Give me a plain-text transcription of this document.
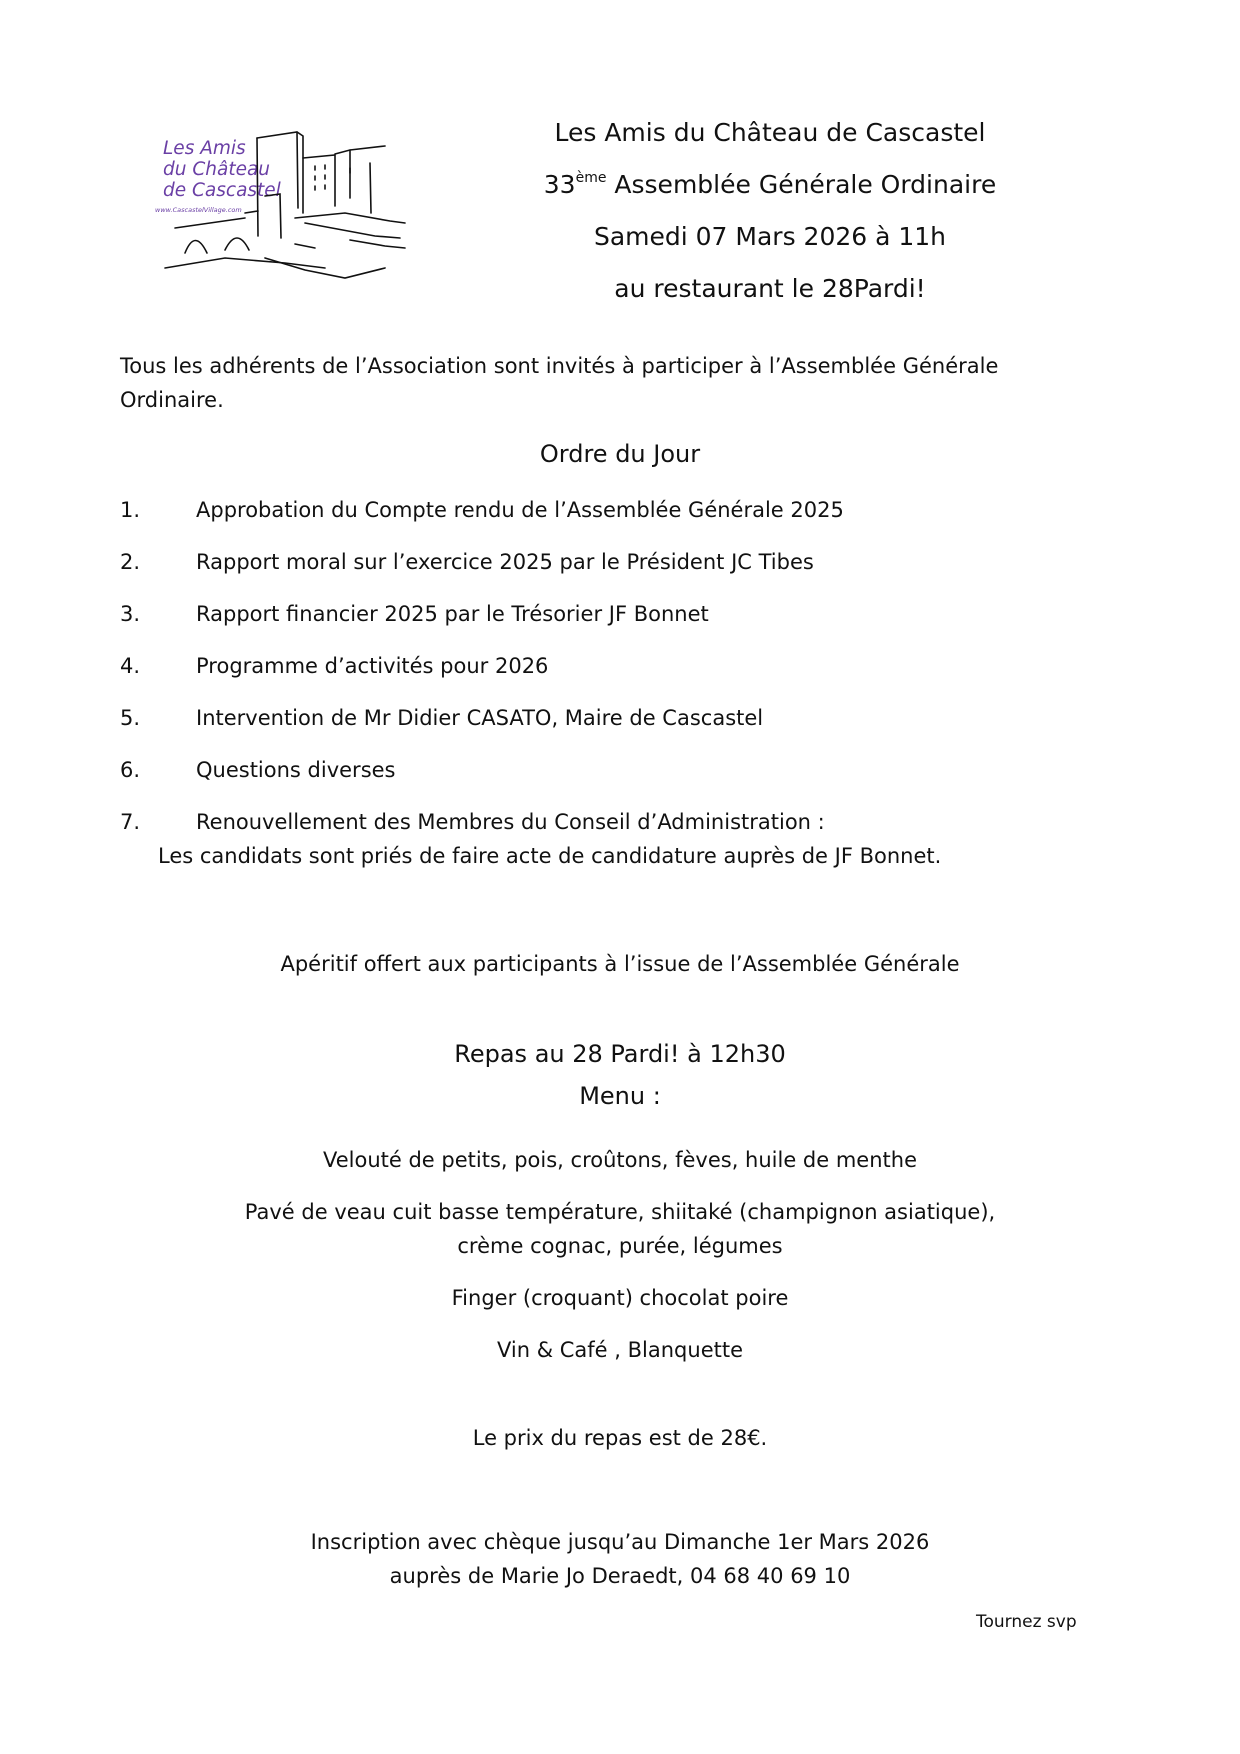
Les Amis
du Château
de Cascastel
www.CascastelVillage.com
Les Amis du Château de Cascastel
33ème Assemblée Générale Ordinaire
Samedi 07 Mars 2026 à 11h
au restaurant le 28Pardi!
Tous les adhérents de l’Association sont invités à participer à l’Assemblée Générale
Ordinaire.
Ordre du Jour
1.	Approbation du Compte rendu de l’Assemblée Générale 2025
2.	Rapport moral sur l’exercice 2025 par le Président JC Tibes
3.	Rapport financier 2025 par le Trésorier JF Bonnet
4.	Programme d’activités pour 2026
5.	Intervention de Mr Didier CASATO, Maire de Cascastel
6.	Questions diverses
7.	Renouvellement des Membres du Conseil d’Administration :
Les candidats sont priés de faire acte de candidature auprès de JF Bonnet.
Apéritif offert aux participants à l’issue de l’Assemblée Générale
Repas au 28 Pardi! à 12h30
Menu :
Velouté de petits, pois, croûtons, fèves, huile de menthe
Pavé de veau cuit basse température, shiitaké (champignon asiatique),
crème cognac, purée, légumes
Finger (croquant) chocolat poire
Vin & Café , Blanquette
Le prix du repas est de 28€.
Inscription avec chèque jusqu’au Dimanche 1er Mars 2026
auprès de Marie Jo Deraedt, 04 68 40 69 10
Tournez svp
